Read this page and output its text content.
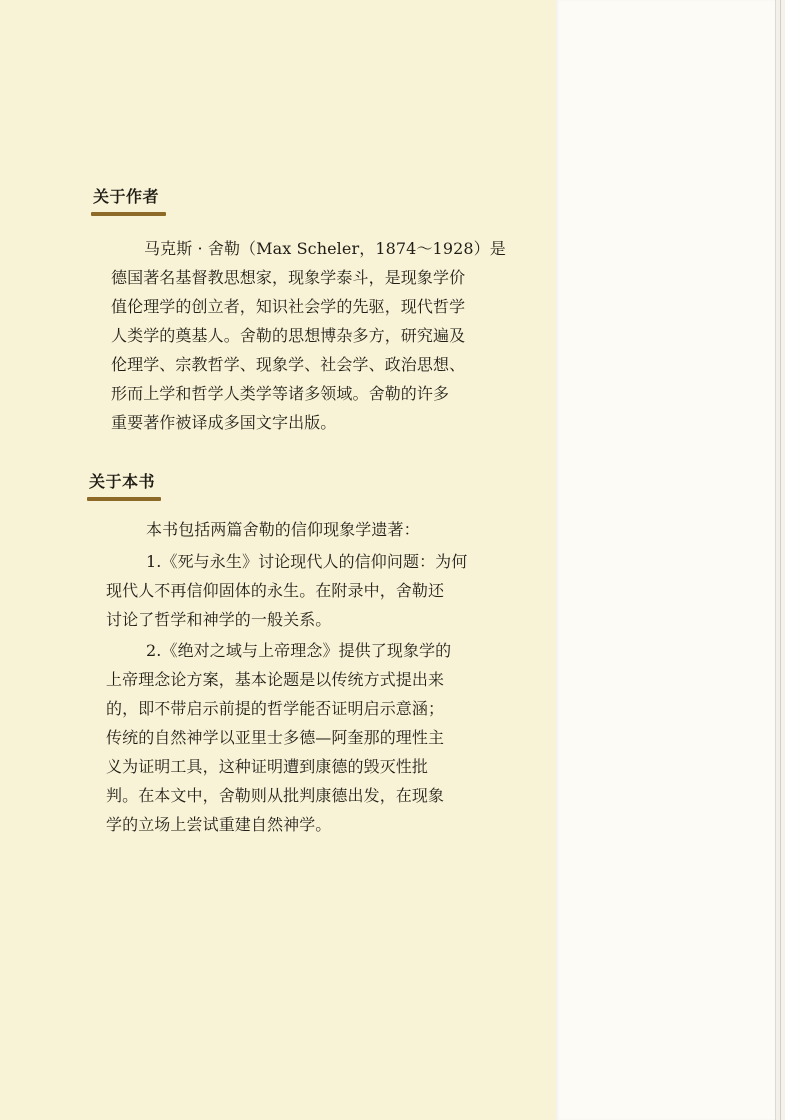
关于作者
马克斯 · 舍勒（Max Scheler，1874～1928）是
德国著名基督教思想家，现象学泰斗，是现象学价
值伦理学的创立者，知识社会学的先驱，现代哲学
人类学的奠基人。舍勒的思想博杂多方，研究遍及
伦理学、宗教哲学、现象学、社会学、政治思想、
形而上学和哲学人类学等诸多领域。舍勒的许多
重要著作被译成多国文字出版。
关于本书
本书包括两篇舍勒的信仰现象学遗著：
1.《死与永生》讨论现代人的信仰问题：为何
现代人不再信仰固体的永生。在附录中，舍勒还
讨论了哲学和神学的一般关系。
2.《绝对之域与上帝理念》提供了现象学的
上帝理念论方案，基本论题是以传统方式提出来
的，即不带启示前提的哲学能否证明启示意涵；
传统的自然神学以亚里士多德—阿奎那的理性主
义为证明工具，这种证明遭到康德的毁灭性批
判。在本文中，舍勒则从批判康德出发，在现象
学的立场上尝试重建自然神学。
